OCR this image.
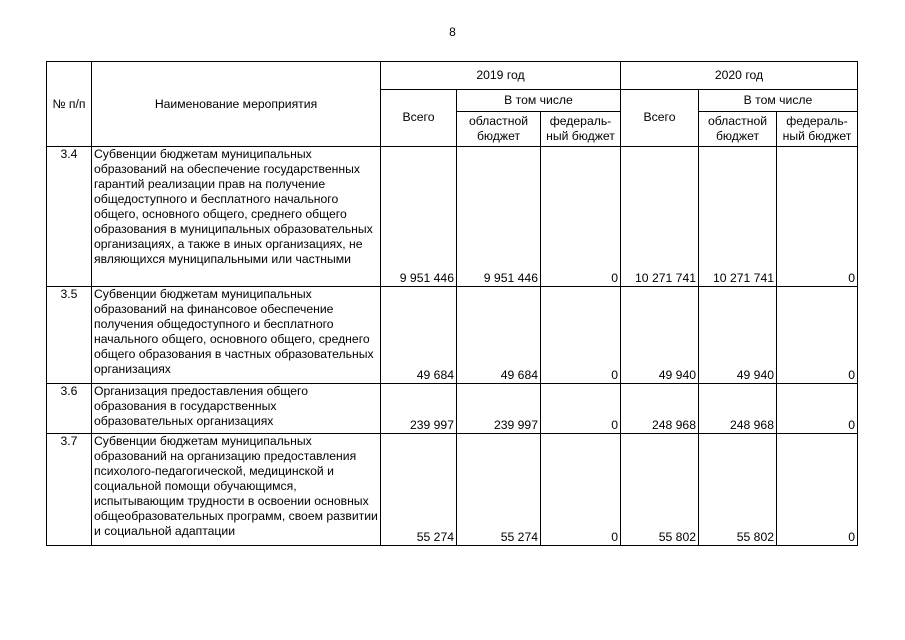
8
№ п/п	Наименование мероприятия	2019 год			2020 год		
		Всего	В том числе		Всего	В том числе	
			областной бюджет	федераль-ный бюджет		областной бюджет	федераль-ный бюджет
3.4	Субвенции бюджетам муниципальных образований на обеспечение государственных гарантий реализации прав на получение общедоступного и бесплатного начального общего, основного общего, среднего общего образования в муниципальных образовательных организациях, а также в иных организациях, не являющихся муниципальными или частными	9 951 446	9 951 446	0	10 271 741	10 271 741	0
3.5	Субвенции бюджетам муниципальных образований на финансовое обеспечение получения общедоступного и бесплатного начального общего, основного общего, среднего общего образования в частных образовательных организациях	49 684	49 684	0	49 940	49 940	0
3.6	Организация предоставления общего образования в государственных образовательных организациях	239 997	239 997	0	248 968	248 968	0
3.7	Субвенции бюджетам муниципальных образований на организацию предоставления психолого-педагогической, медицинской и социальной помощи обучающимся, испытывающим трудности в освоении основных общеобразовательных программ, своем развитии и социальной адаптации	55 274	55 274	0	55 802	55 802	0
